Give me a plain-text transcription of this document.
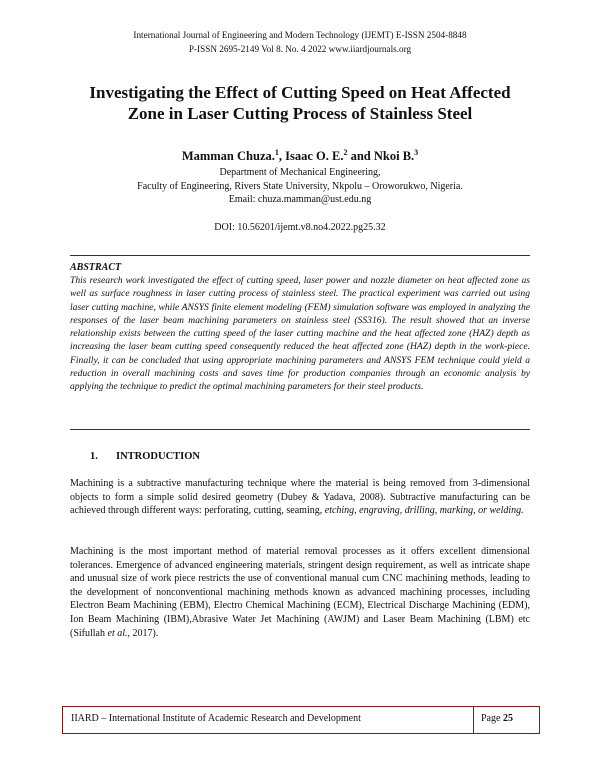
International Journal of Engineering and Modern Technology (IJEMT) E-ISSN 2504-8848
P-ISSN 2695-2149 Vol 8. No. 4 2022 www.iiardjournals.org
Investigating the Effect of Cutting Speed on Heat Affected
Zone in Laser Cutting Process of Stainless Steel
Mamman Chuza.$^1$, Isaac O. E.$^2$ and Nkoi B.$^3$
Department of Mechanical Engineering,
Faculty of Engineering, Rivers State University, Nkpolu – Oroworukwo, Nigeria.
Email: chuza.mamman@ust.edu.ng
DOI: 10.56201/ijemt.v8.no4.2022.pg25.32
ABSTRACT
This research work investigated the effect of cutting speed, laser power and nozzle diameter on heat affected zone as well as surface roughness in laser cutting process of stainless steel. The practical experiment was carried out using laser cutting machine, while ANSYS finite element modeling (FEM) simulation software was employed in analyzing the responses of the laser beam machining parameters on stainless steel (SS316). The result showed that an inverse relationship exists between the cutting speed of the laser cutting machine and the heat affected zone (HAZ) depth as increasing the laser beam cutting speed consequently reduced the heat affected zone (HAZ) depth in the work-piece. Finally, it can be concluded that using appropriate machining parameters and ANSYS FEM technique could yield a reduction in overall machining costs and saves time for production companies through an economic analysis by applying the technique to predict the optimal machining parameters for their steel products.
1. INTRODUCTION
Machining is a subtractive manufacturing technique where the material is being removed from 3-dimensional objects to form a simple solid desired geometry (Dubey & Yadava, 2008). Subtractive manufacturing can be achieved through different ways: perforating, cutting, seaming, etching, engraving, drilling, marking, or welding.
Machining is the most important method of material removal processes as it offers excellent dimensional tolerances. Emergence of advanced engineering materials, stringent design requirement, as well as intricate shape and unusual size of work piece restricts the use of conventional manual cum CNC machining methods, leading to the development of nonconventional machining methods known as advanced machining processes, including Electron Beam Machining (EBM), Electro Chemical Machining (ECM), Electrical Discharge Machining (EDM), Ion Beam Machining (IBM),Abrasive Water Jet Machining (AWJM) and Laser Beam Machining (LBM) etc (Sifullah et al., 2017).
IIARD – International Institute of Academic Research and Development	Page 25
